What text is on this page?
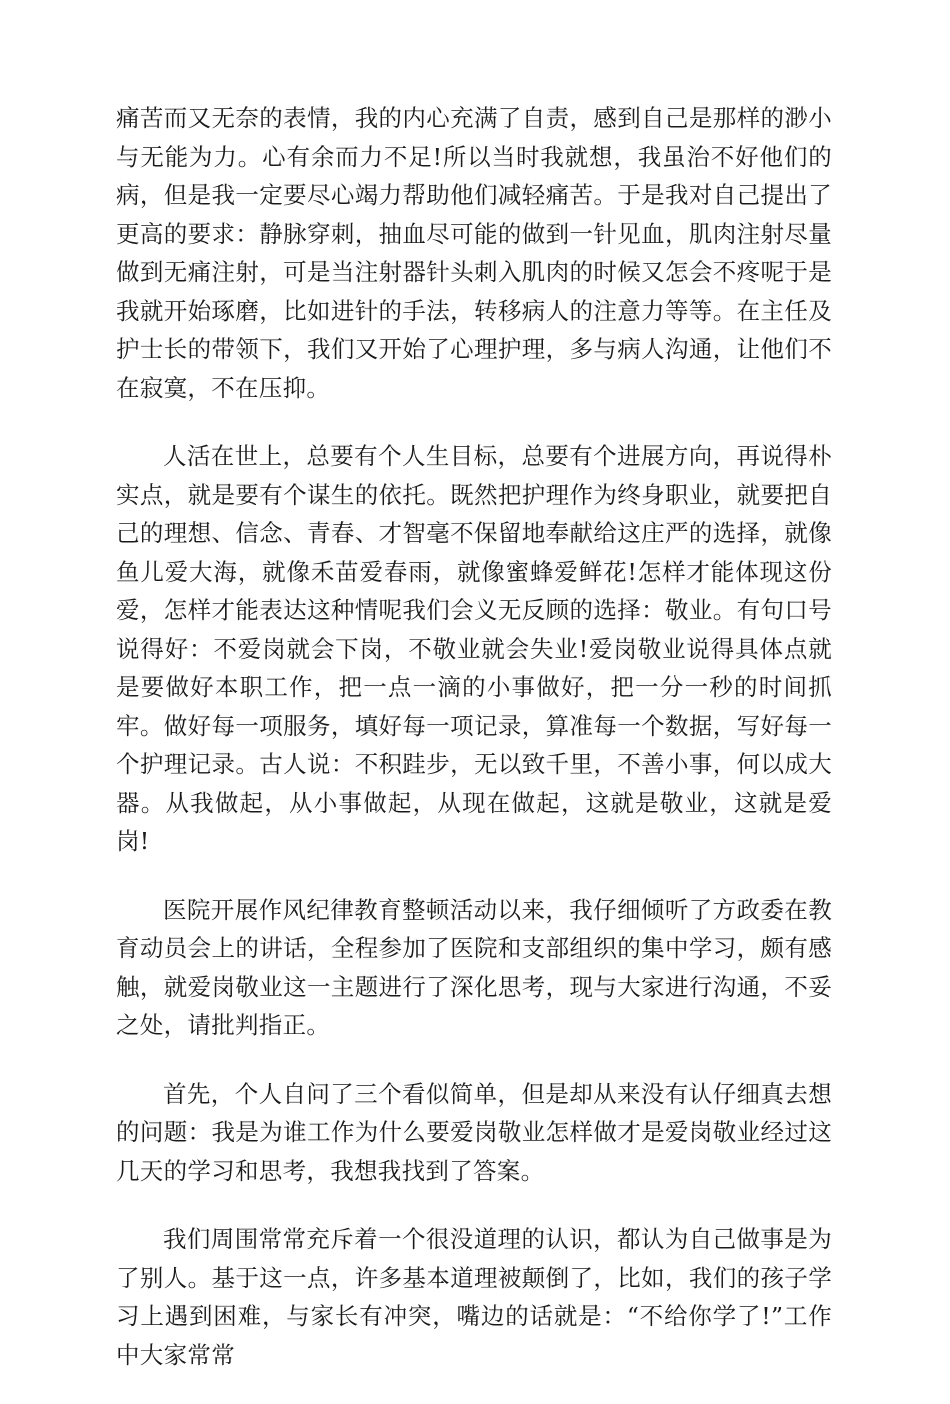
痛苦而又无奈的表情，我的内心充满了自责，感到自己是那样的渺小与无能为力。心有余而力不足!所以当时我就想，我虽治不好他们的病，但是我一定要尽心竭力帮助他们减轻痛苦。于是我对自己提出了更高的要求：静脉穿刺，抽血尽可能的做到一针见血，肌肉注射尽量做到无痛注射，可是当注射器针头刺入肌肉的时候又怎会不疼呢于是我就开始琢磨，比如进针的手法，转移病人的注意力等等。在主任及护士长的带领下，我们又开始了心理护理，多与病人沟通，让他们不在寂寞，不在压抑。

人活在世上，总要有个人生目标，总要有个进展方向，再说得朴实点，就是要有个谋生的依托。既然把护理作为终身职业，就要把自己的理想、信念、青春、才智毫不保留地奉献给这庄严的选择，就像鱼儿爱大海，就像禾苗爱春雨，就像蜜蜂爱鲜花!怎样才能体现这份爱，怎样才能表达这种情呢我们会义无反顾的选择：敬业。有句口号说得好：不爱岗就会下岗，不敬业就会失业!爱岗敬业说得具体点就是要做好本职工作，把一点一滴的小事做好，把一分一秒的时间抓牢。做好每一项服务，填好每一项记录，算准每一个数据，写好每一个护理记录。古人说：不积跬步，无以致千里，不善小事，何以成大器。从我做起，从小事做起，从现在做起，这就是敬业，这就是爱岗!

医院开展作风纪律教育整顿活动以来，我仔细倾听了方政委在教育动员会上的讲话，全程参加了医院和支部组织的集中学习，颇有感触，就爱岗敬业这一主题进行了深化思考，现与大家进行沟通，不妥之处，请批判指正。

首先，个人自问了三个看似简单，但是却从来没有认仔细真去想的问题：我是为谁工作为什么要爱岗敬业怎样做才是爱岗敬业经过这几天的学习和思考，我想我找到了答案。

我们周围常常充斥着一个很没道理的认识，都认为自己做事是为了别人。基于这一点，许多基本道理被颠倒了，比如，我们的孩子学习上遇到困难，与家长有冲突，嘴边的话就是：“不给你学了!”工作中大家常常
